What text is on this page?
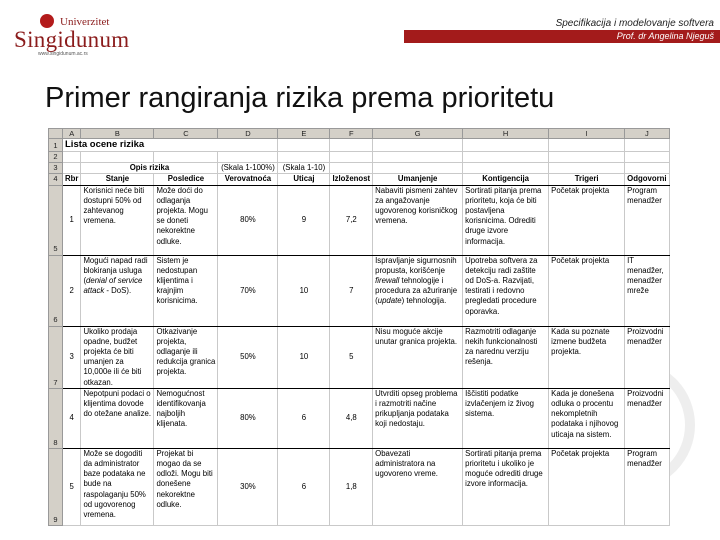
Univerzitet
Singidunum
www.singidunum.ac.rs
Specifikacija i modelovanje softvera
Prof. dr Angelina Njeguš
Primer rangiranja rizika prema prioritetu
	A	B	C	D	E	F	G	H	I	J
1	Lista ocene rizika									
2										
3		Opis rizika		(Skala 1-100%)	(Skala 1-10)					
4	Rbr	Stanje	Posledice	Verovatnoća	Uticaj	Izloženost	Umanjenje	Kontigencija	Trigeri	Odgovorni
5	1	Korisnici neće biti dostupni 50% od zahtevanog vremena.	Može doći do odlaganja projekta. Mogu se doneti nekorektne odluke.	80%	9	7,2	Nabaviti pismeni zahtev za angažovanje ugovorenog korisničkog vremena.	Sortirati pitanja prema prioritetu, koja će biti postavljena korisnicima. Odrediti druge izvore informacija.	Početak projekta	Program menadžer
6	2	Mogući napad radi blokiranja usluga (denial of service attack - DoS).	Sistem je nedostupan klijentima i krajnjim korisnicima.	70%	10	7	Ispravljanje sigurnosnih propusta, korišćenje firewall tehnologije i procedura za ažuriranje (update) tehnologija.	Upotreba softvera za detekciju radi zaštite od DoS-a. Razvijati, testirati i redovno pregledati procedure oporavka.	Početak projekta	IT menadžer, menadžer mreže
7	3	Ukoliko prodaja opadne, budžet projekta će biti umanjen za 10,000e ili će biti otkazan.	Otkazivanje projekta, odlaganje ili redukcija granica projekta.	50%	10	5	Nisu moguće akcije unutar granica projekta.	Razmotriti odlaganje nekih funkcionalnosti za narednu verziju rešenja.	Kada su poznate izmene budžeta projekta.	Proizvodni menadžer
8	4	Nepotpuni podaci o klijentima dovode do otežane analize.	Nemogućnost identifikovanja najboljih klijenata.	80%	6	4,8	Utvrditi opseg problema i razmotriti načine prikupljanja podataka koji nedostaju.	Iščistiti podatke izvlačenjem iz živog sistema.	Kada je donešena odluka o procentu nekompletnih podataka i njihovog uticaja na sistem.	Proizvodni menadžer
9	5	Može se dogoditi da administrator baze podataka ne bude na raspolaganju 50% od ugovorenog vremena.	Projekat bi mogao da se odloži. Mogu biti donešene nekorektne odluke.	30%	6	1,8	Obavezati administratora na ugovoreno vreme.	Sortirati pitanja prema prioritetu i ukoliko je moguće odrediti druge izvore informacija.	Početak projekta	Program menadžer
